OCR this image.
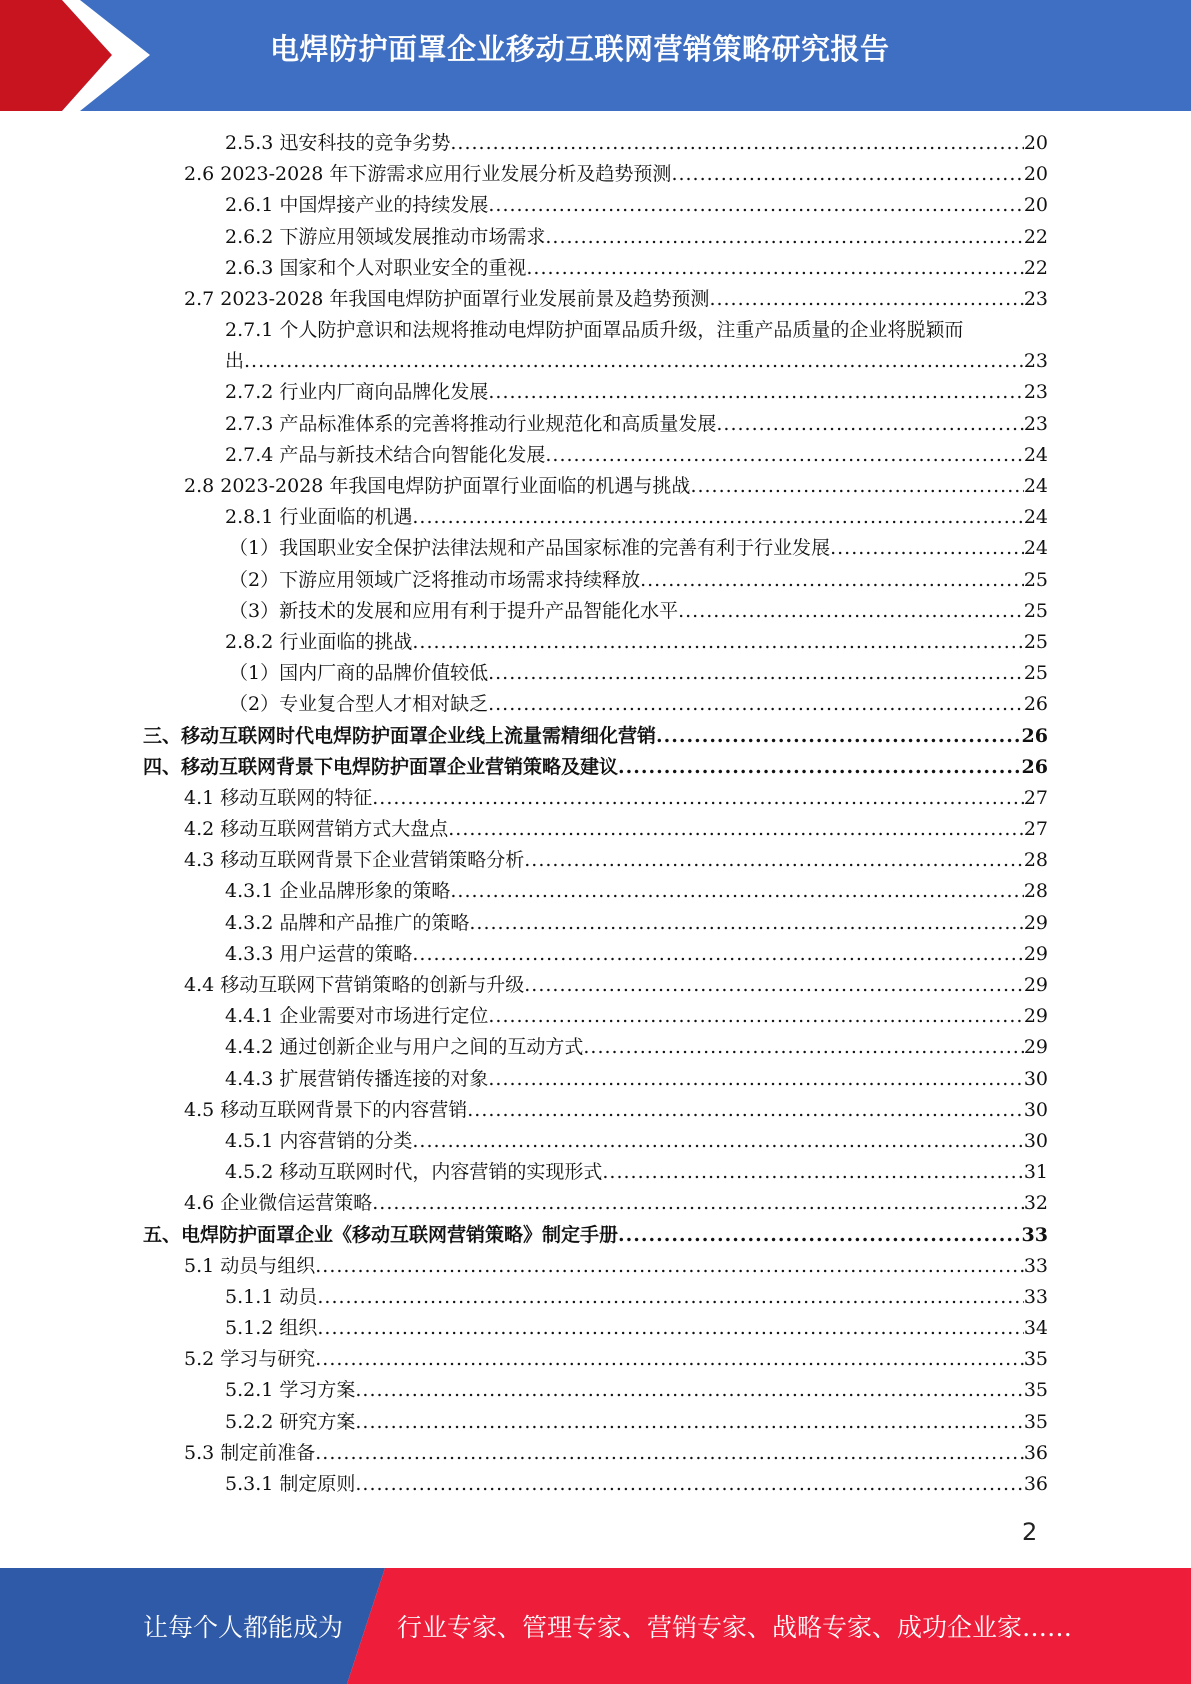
电焊防护面罩企业移动互联网营销策略研究报告
2.5.3 迅安科技的竞争劣势 .....	20
2.6 2023-2028 年下游需求应用行业发展分析及趋势预测 .....	20
2.6.1 中国焊接产业的持续发展 .....	20
2.6.2 下游应用领域发展推动市场需求 .....	22
2.6.3 国家和个人对职业安全的重视 .....	22
2.7 2023-2028 年我国电焊防护面罩行业发展前景及趋势预测 .....	23
2.7.1 个人防护意识和法规将推动电焊防护面罩品质升级，注重产品质量的企业将脱颖而
出 .....	23
2.7.2 行业内厂商向品牌化发展 .....	23
2.7.3 产品标准体系的完善将推动行业规范化和高质量发展 .....	23
2.7.4 产品与新技术结合向智能化发展 .....	24
2.8 2023-2028 年我国电焊防护面罩行业面临的机遇与挑战 .....	24
2.8.1 行业面临的机遇 .....	24
（1）我国职业安全保护法律法规和产品国家标准的完善有利于行业发展 .....	24
（2）下游应用领域广泛将推动市场需求持续释放 .....	25
（3）新技术的发展和应用有利于提升产品智能化水平 .....	25
2.8.2 行业面临的挑战 .....	25
（1）国内厂商的品牌价值较低 .....	25
（2）专业复合型人才相对缺乏 .....	26
三、移动互联网时代电焊防护面罩企业线上流量需精细化营销 .....	26
四、移动互联网背景下电焊防护面罩企业营销策略及建议 .....	26
4.1 移动互联网的特征 .....	27
4.2 移动互联网营销方式大盘点 .....	27
4.3 移动互联网背景下企业营销策略分析 .....	28
4.3.1 企业品牌形象的策略 .....	28
4.3.2 品牌和产品推广的策略 .....	29
4.3.3 用户运营的策略 .....	29
4.4 移动互联网下营销策略的创新与升级 .....	29
4.4.1 企业需要对市场进行定位 .....	29
4.4.2 通过创新企业与用户之间的互动方式 .....	29
4.4.3 扩展营销传播连接的对象 .....	30
4.5 移动互联网背景下的内容营销 .....	30
4.5.1 内容营销的分类 .....	30
4.5.2 移动互联网时代，内容营销的实现形式 .....	31
4.6 企业微信运营策略 .....	32
五、电焊防护面罩企业《移动互联网营销策略》制定手册 .....	33
5.1 动员与组织 .....	33
5.1.1 动员 .....	33
5.1.2 组织 .....	34
5.2 学习与研究 .....	35
5.2.1 学习方案 .....	35
5.2.2 研究方案 .....	35
5.3 制定前准备 .....	36
5.3.1 制定原则 .....	36
2
让每个人都能成为 行业专家、管理专家、营销专家、战略专家、成功企业家……
